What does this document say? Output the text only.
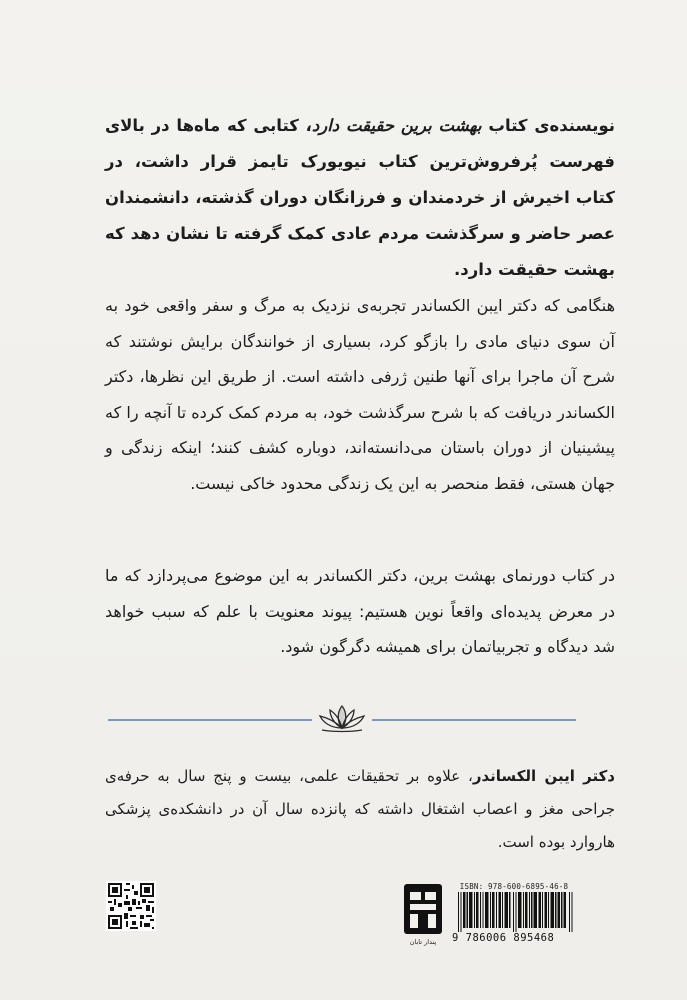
نویسنده‌ی کتاب بهشت برین حقیقت دارد، کتابی که ماه‌ها در بالای فهرست پُرفروش‌ترین کتاب نیویورک تایمز قرار داشت، در کتاب اخیرش از خردمندان و فرزانگان دوران گذشته، دانشمندان عصر حاضر و سرگذشت مردم عادی کمک گرفته تا نشان دهد که بهشت حقیقت دارد.
هنگامی که دکتر ایبن الکساندر تجربه‌ی نزدیک به مرگ و سفر واقعی خود به آن سوی دنیای مادی را بازگو کرد، بسیاری از خوانندگان برایش نوشتند که شرح آن ماجرا برای آنها طنین ژرفی داشته است. از طریق این نظرها، دکتر الکساندر دریافت که با شرح سرگذشت خود، به مردم کمک کرده تا آنچه را که پیشینیان از دوران باستان می‌دانسته‌اند، دوباره کشف کنند؛ اینکه زندگی و جهان هستی، فقط منحصر به این یک زندگی محدود خاکی نیست.
در کتاب دورنمای بهشت برین، دکتر الکساندر به این موضوع می‌پردازد که ما در معرض پدیده‌ای واقعاً نوین هستیم: پیوند معنویت با علم که سبب خواهد شد دیدگاه و تجربیاتمان برای همیشه دگرگون شود.
دکتر ایبن الکساندر، علاوه بر تحقیقات علمی، بیست و پنج سال به حرفه‌ی جراحی مغز و اعصاب اشتغال داشته که پانزده سال آن در دانشکده‌ی پزشکی هاروارد بوده است.
پندار تابان
ISBN: 978-600-6895-46-8
9 786006 895468
